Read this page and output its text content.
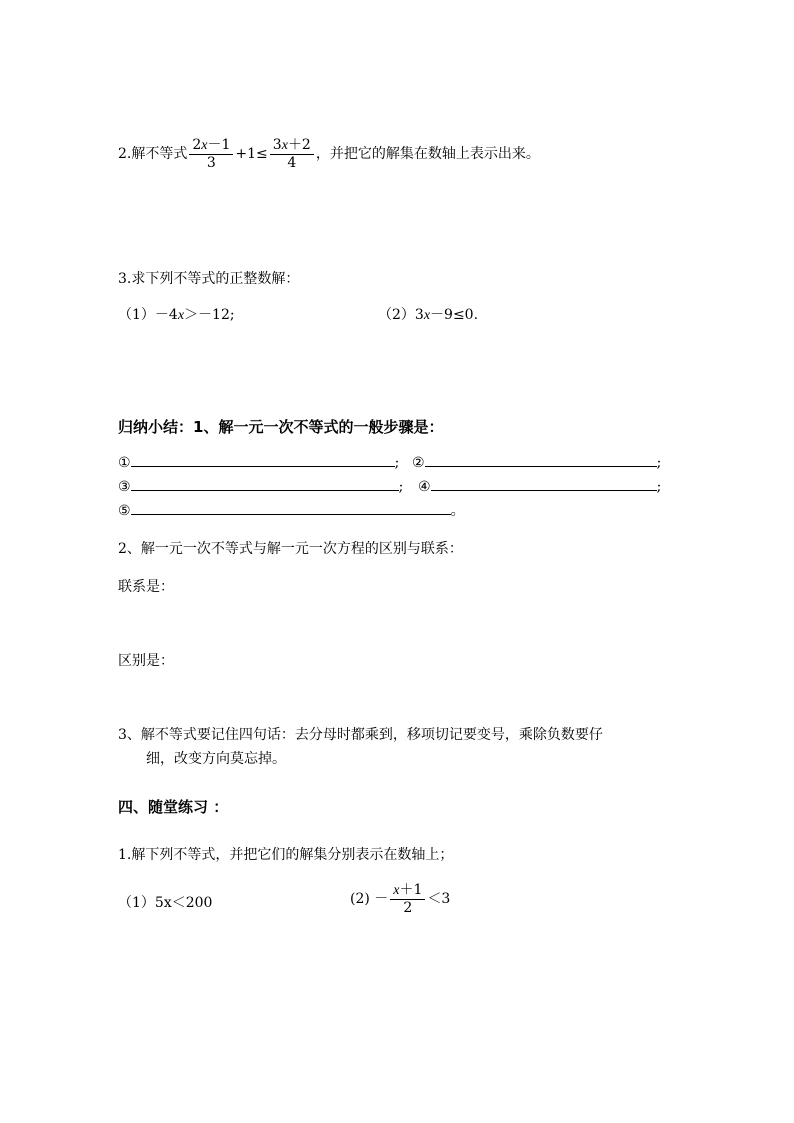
2.解不等式 $\frac{2x-1}{3} +1\le \frac{3x+2}{4}$ ，并把它的解集在数轴上表示出来。
3.求下列不等式的正整数解：
（1）－4x＞－12;	（2）3x－9≤0.
归纳小结：1、解一元一次不等式的一般步骤是：
①	; ②	;
③	; ④	;
⑤	。
2、解一元一次不等式与解一元一次方程的区别与联系：
联系是：
区别是：
3、解不等式要记住四句话：去分母时都乘到，移项切记要变号，乘除负数要仔
细，改变方向莫忘掉。
四、随堂练习 ：
1.解下列不等式，并把它们的解集分别表示在数轴上；
（1）5x＜200	$(2) - \frac{x+1}{2} <3$
